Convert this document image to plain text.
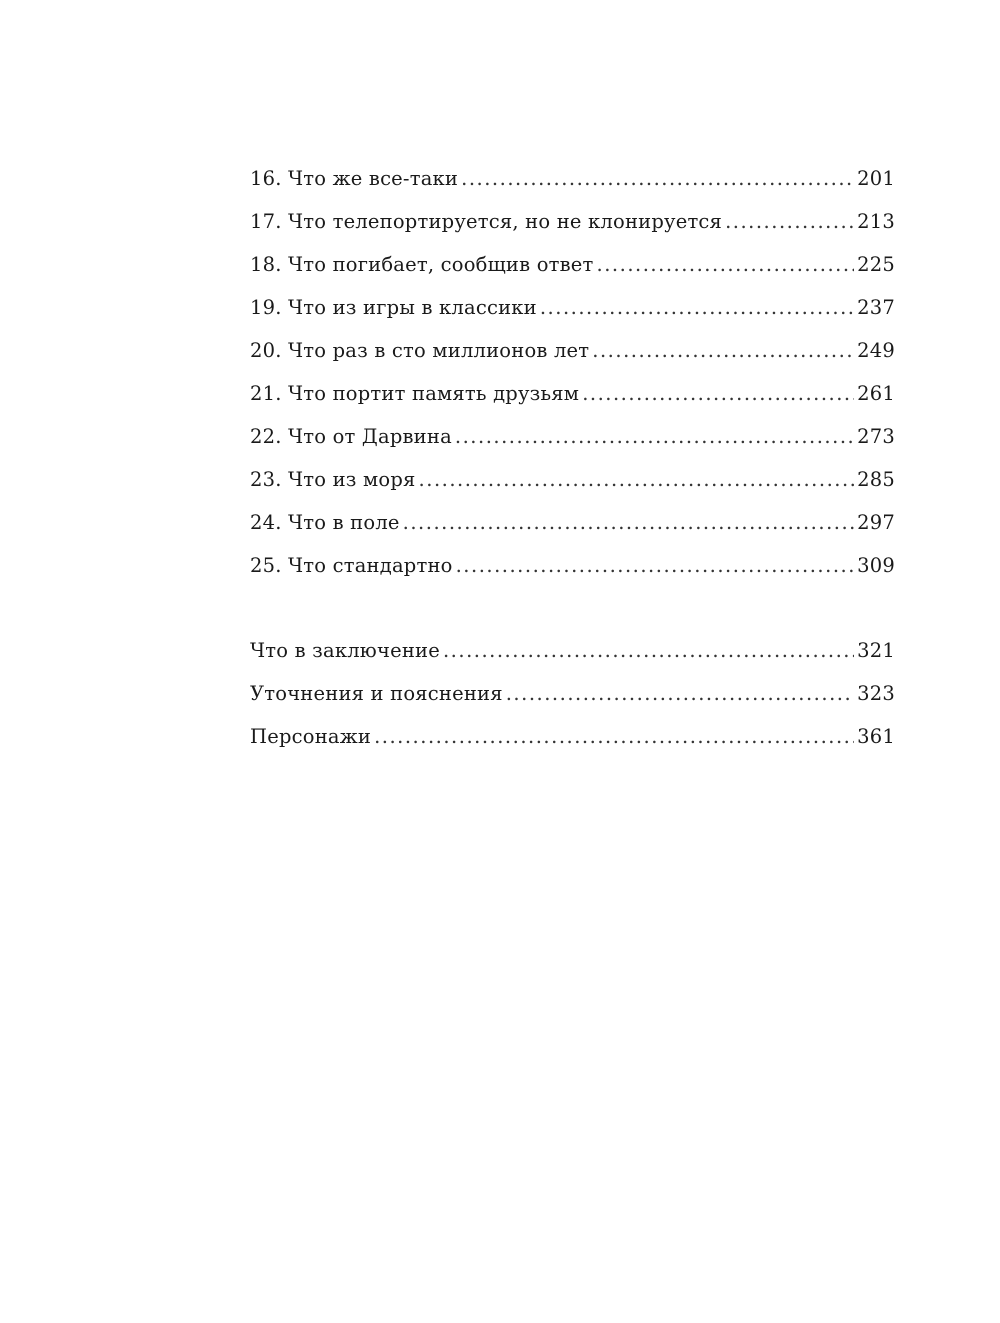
16. Что же все-таки .....	201
17. Что телепортируется, но не клонируется .....	213
18. Что погибает, сообщив ответ .....	225
19. Что из игры в классики .....	237
20. Что раз в сто миллионов лет .....	249
21. Что портит память друзьям .....	261
22. Что от Дарвина .....	273
23. Что из моря .....	285
24. Что в поле .....	297
25. Что стандартно .....	309
Что в заключение .....	321
Уточнения и пояснения .....	323
Персонажи .....	361
